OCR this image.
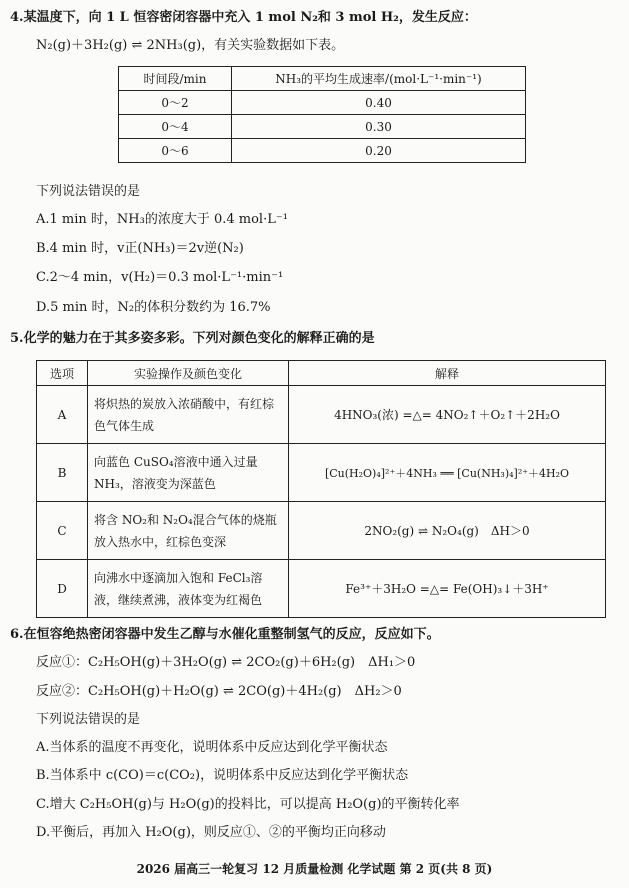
4.某温度下，向 1 L 恒容密闭容器中充入 1 mol N₂和 3 mol H₂，发生反应：
N₂(g)＋3H₂(g) ⇌ 2NH₃(g)，有关实验数据如下表。
时间段/min	NH₃的平均生成速率/(mol·L⁻¹·min⁻¹)
0～2	0.40
0～4	0.30
0～6	0.20
下列说法错误的是
A.1 min 时，NH₃的浓度大于 0.4 mol·L⁻¹
B.4 min 时，v正(NH₃)＝2v逆(N₂)
C.2～4 min，v(H₂)＝0.3 mol·L⁻¹·min⁻¹
D.5 min 时，N₂的体积分数约为 16.7%
5.化学的魅力在于其多姿多彩。下列对颜色变化的解释正确的是
选项	实验操作及颜色变化	解释
A	将炽热的炭放入浓硝酸中，有红棕色气体生成	4HNO₃(浓) =△= 4NO₂↑＋O₂↑＋2H₂O
B	向蓝色 CuSO₄溶液中通入过量 NH₃，溶液变为深蓝色	[Cu(H₂O)₄]²⁺＋4NH₃ ══ [Cu(NH₃)₄]²⁺＋4H₂O
C	将含 NO₂和 N₂O₄混合气体的烧瓶放入热水中，红棕色变深	2NO₂(g) ⇌ N₂O₄(g)　ΔH＞0
D	向沸水中逐滴加入饱和 FeCl₃溶液，继续煮沸，液体变为红褐色	Fe³⁺＋3H₂O =△= Fe(OH)₃↓＋3H⁺
6.在恒容绝热密闭容器中发生乙醇与水催化重整制氢气的反应，反应如下。
反应①：C₂H₅OH(g)＋3H₂O(g) ⇌ 2CO₂(g)＋6H₂(g)　ΔH₁＞0
反应②：C₂H₅OH(g)＋H₂O(g) ⇌ 2CO(g)＋4H₂(g)　ΔH₂＞0
下列说法错误的是
A.当体系的温度不再变化，说明体系中反应达到化学平衡状态
B.当体系中 c(CO)＝c(CO₂)，说明体系中反应达到化学平衡状态
C.增大 C₂H₅OH(g)与 H₂O(g)的投料比，可以提高 H₂O(g)的平衡转化率
D.平衡后，再加入 H₂O(g)，则反应①、②的平衡均正向移动
2026 届高三一轮复习 12 月质量检测 化学试题 第 2 页(共 8 页)
